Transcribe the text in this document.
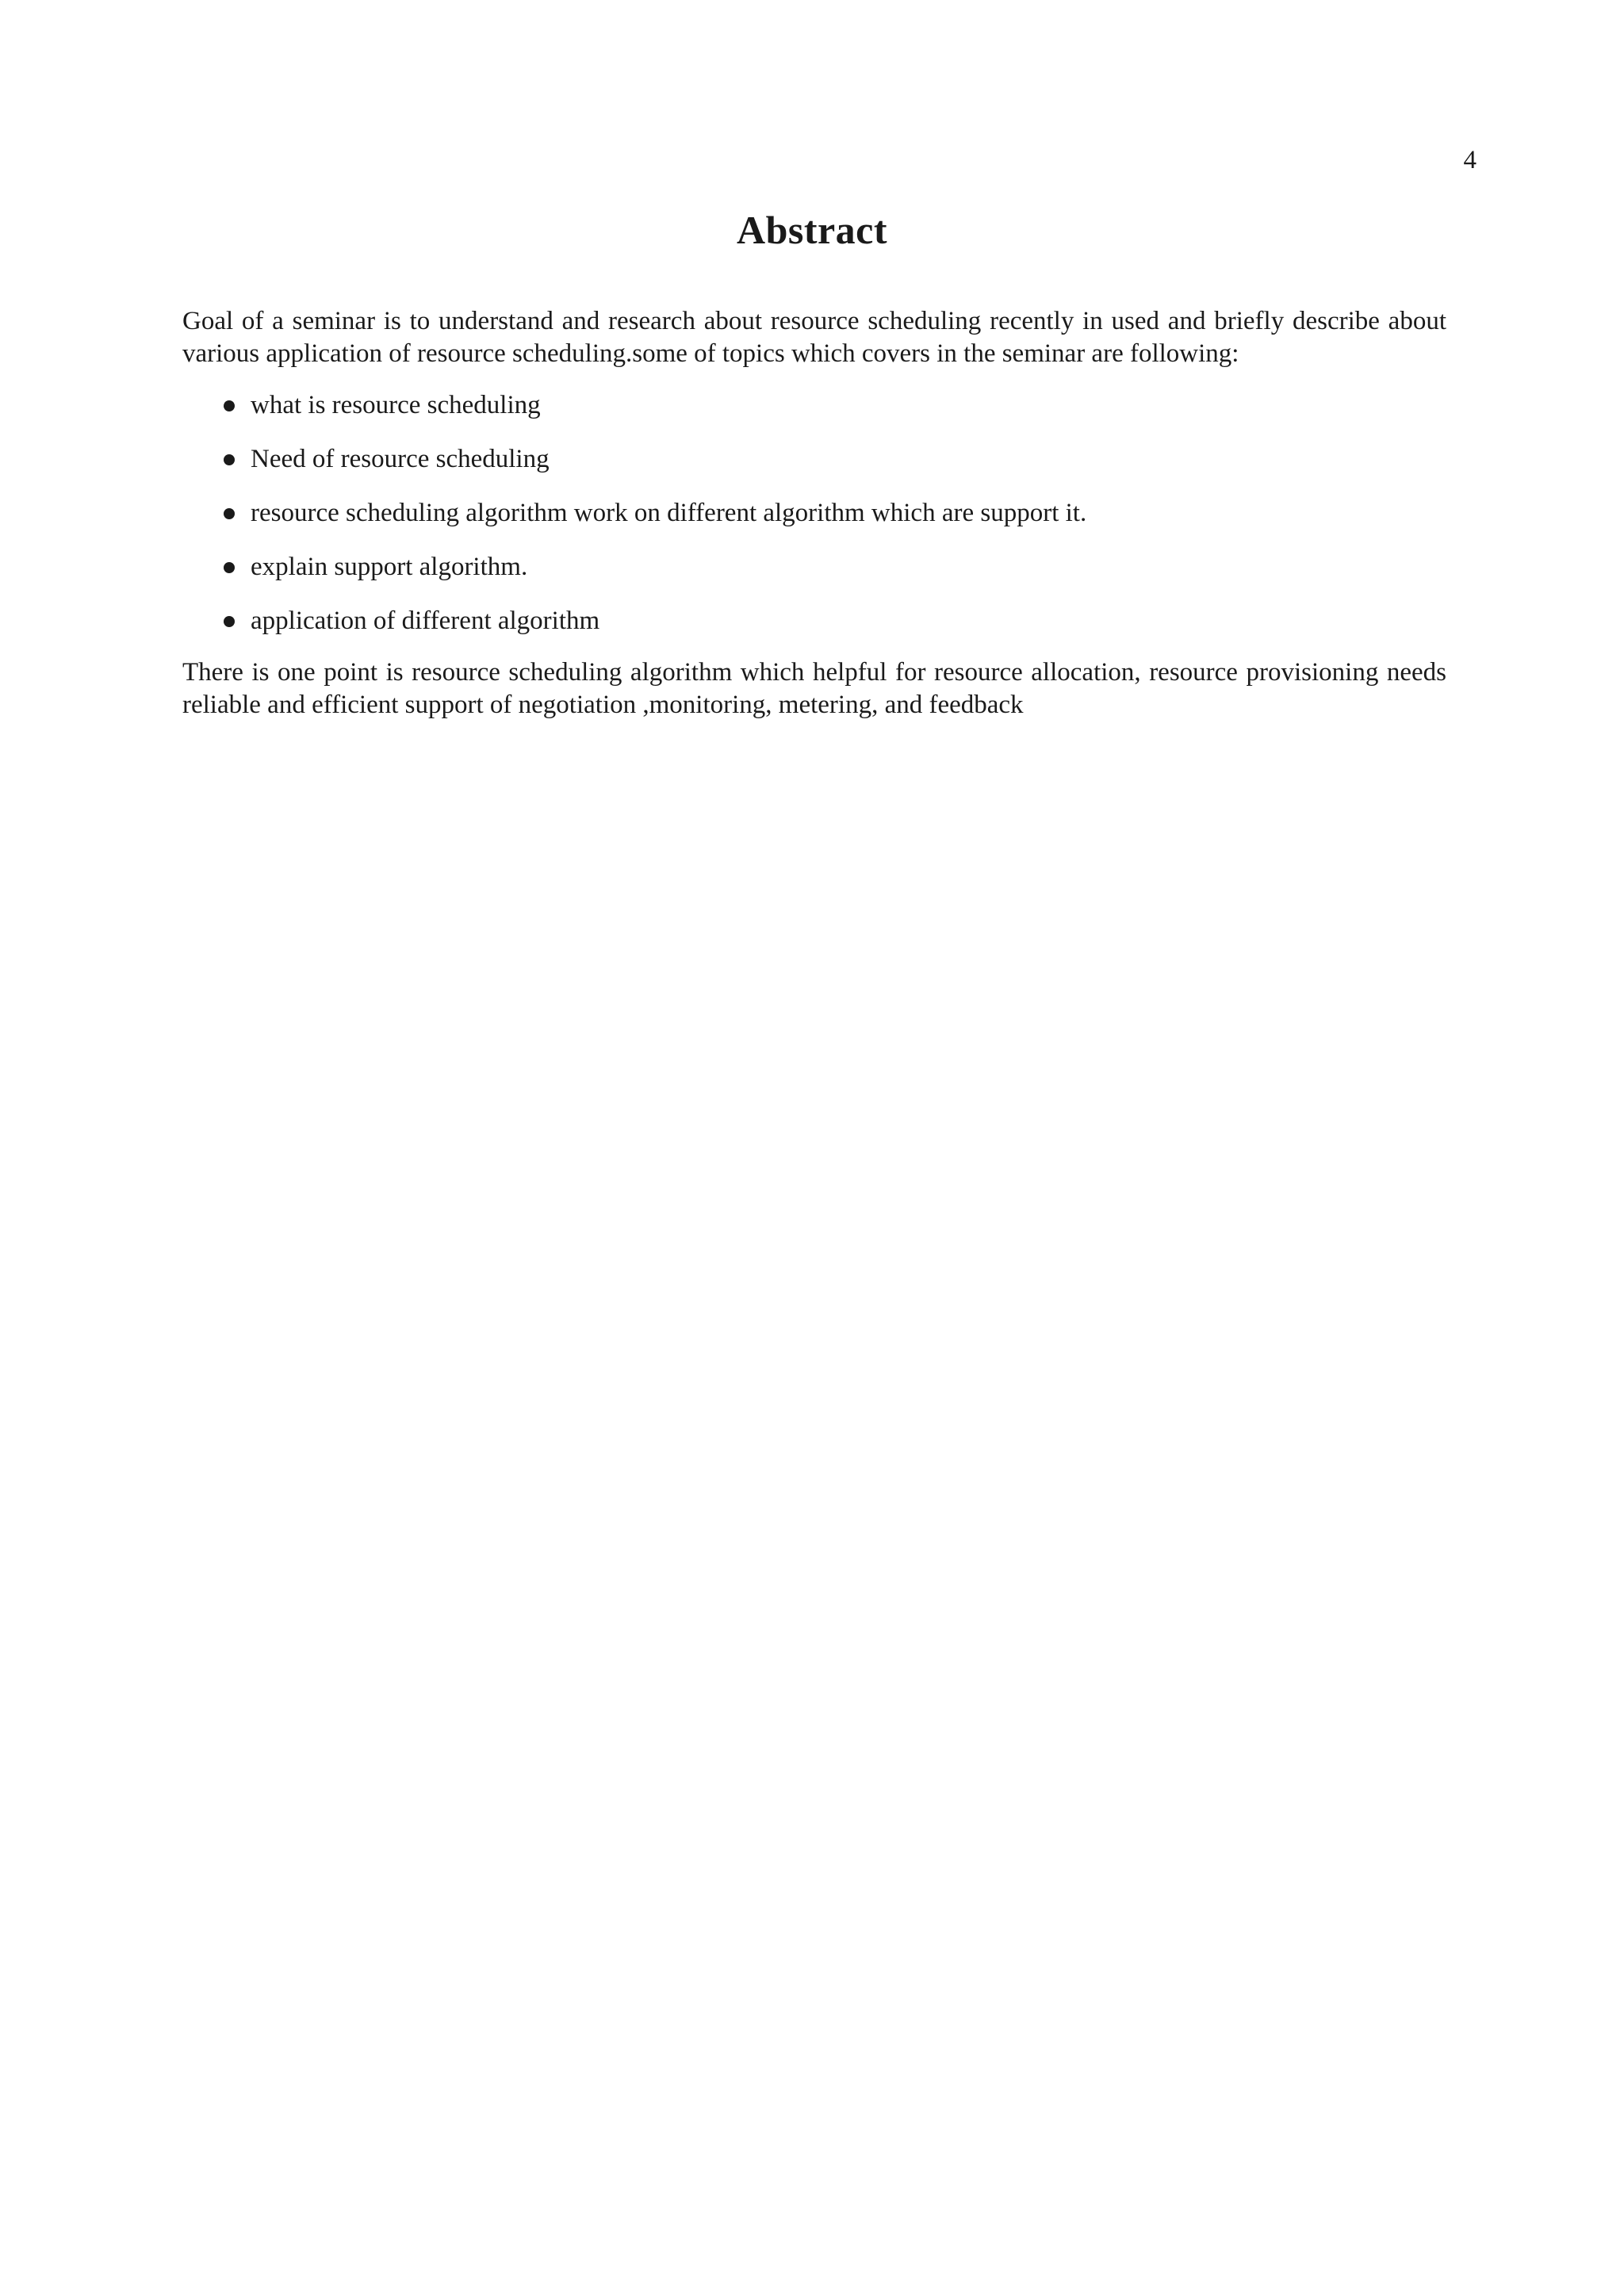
4
Abstract

Goal of a seminar is to understand and research about resource scheduling recently in used and briefly describe about various application of resource scheduling.some of topics which covers in the seminar are following:

what is resource scheduling
Need of resource scheduling
resource scheduling algorithm work on different algorithm which are support it.
explain support algorithm.
application of different algorithm

There is one point is resource scheduling algorithm which helpful for resource allocation, resource provisioning needs reliable and efficient support of negotiation ,monitoring, metering, and feedback
